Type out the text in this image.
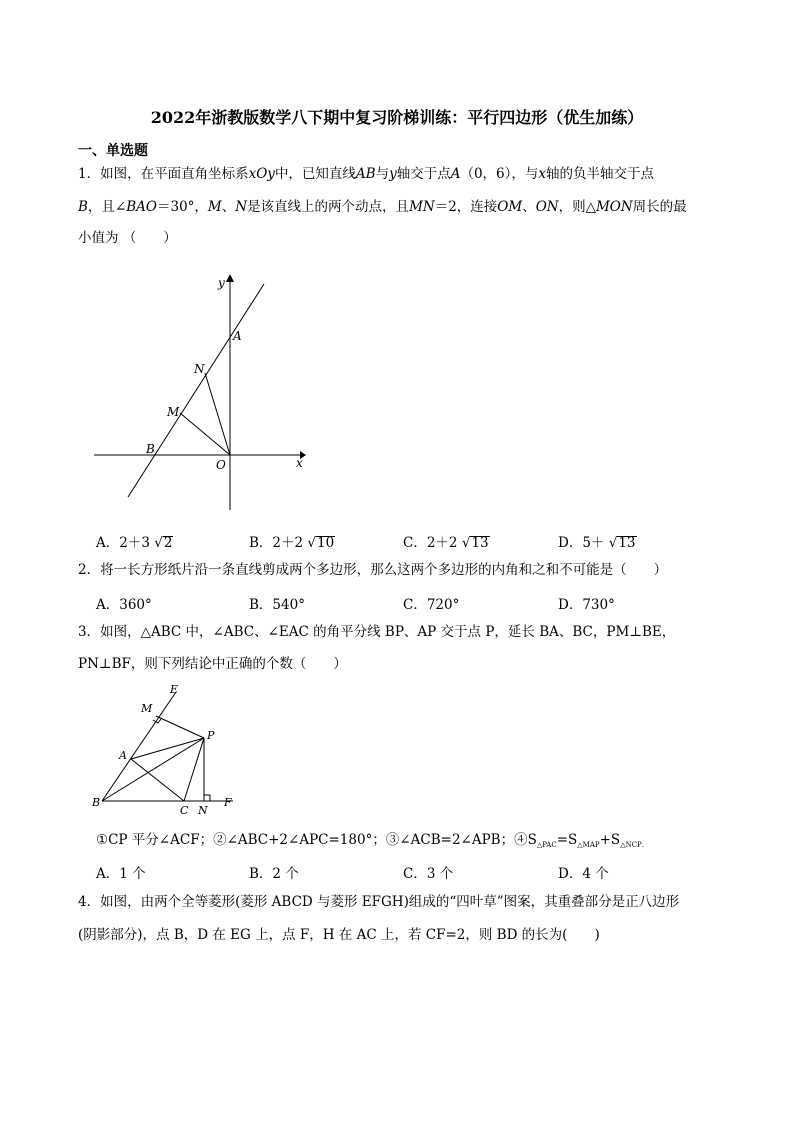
2022年浙教版数学八下期中复习阶梯训练：平行四边形（优生加练）
一、单选题
1．如图，在平面直角坐标系xOy中，已知直线AB与y轴交于点A（0，6），与x轴的负半轴交于点
B，且∠BAO＝30°，M、N是该直线上的两个动点，且MN＝2，连接OM、ON，则△MON周长的最
小值为 （　　）
y
x
A
N
M
B
O
A．2＋3 √2	B．2＋2 √10	C．2＋2 √13	D．5＋ √13
2．将一长方形纸片沿一条直线剪成两个多边形，那么这两个多边形的内角和之和不可能是（　　）
A．360°	B．540°	C．720°	D．730°
3．如图，△ABC 中，∠ABC、∠EAC 的角平分线 BP、AP 交于点 P，延长 BA、BC，PM⊥BE，
PN⊥BF，则下列结论中正确的个数（　　）
E
M
P
A
B
C N
F
①CP 平分∠ACF；②∠ABC+2∠APC=180°；③∠ACB=2∠APB；$④S_{\triangle PAC}=S_{\triangle MAP}+S_{\triangle NCP.}$
A．1 个	B．2 个	C．3 个	D．4 个
4．如图，由两个全等菱形(菱形 ABCD 与菱形 EFGH)组成的“四叶草”图案，其重叠部分是正八边形
(阴影部分)，点 B，D 在 EG 上，点 F，H 在 AC 上，若 CF=2，则 BD 的长为(　　)
